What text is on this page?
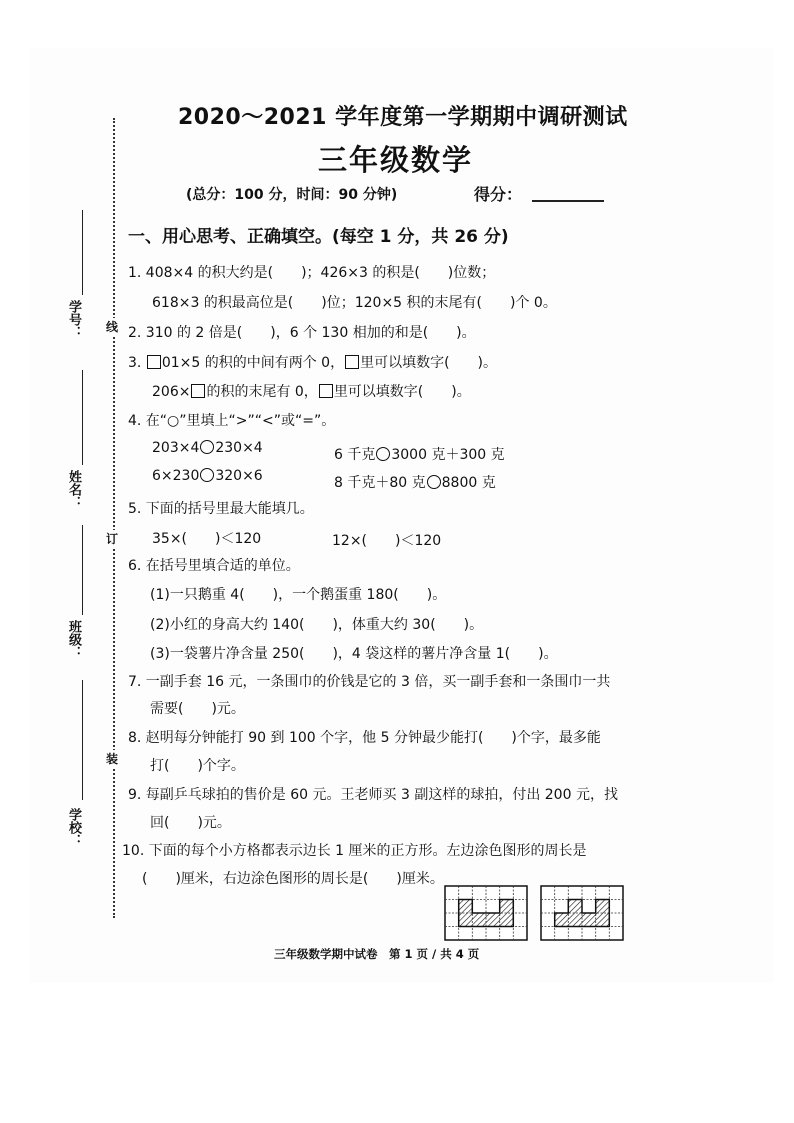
线
订
装
学号：
姓名：
班级：
学校：
2020～2021 学年度第一学期期中调研测试
三年级数学
(总分：100 分，时间：90 分钟)	得分：
一、用心思考、正确填空。(每空 1 分，共 26 分)
1. 408×4 的积大约是(　　)；426×3 的积是(　　)位数；
618×3 的积最高位是(　　)位；120×5 积的末尾有(　　)个 0。
2. 310 的 2 倍是(　　)，6 个 130 相加的和是(　　)。
3. 01×5 的积的中间有两个 0， 里可以填数字(　　)。
206× 的积的末尾有 0， 里可以填数字(　　)。
4. 在“○”里填上“>”“<”或“=”。
203×4 230×4	6 千克 3000 克＋300 克
6×230 320×6	8 千克＋80 克 8800 克
5. 下面的括号里最大能填几。
35×(　　)＜120	12×(　　)＜120
6. 在括号里填合适的单位。
(1)一只鹅重 4(　　)，一个鹅蛋重 180(　　)。
(2)小红的身高大约 140(　　)，体重大约 30(　　)。
(3)一袋薯片净含量 250(　　)，4 袋这样的薯片净含量 1(　　)。
7. 一副手套 16 元，一条围巾的价钱是它的 3 倍，买一副手套和一条围巾一共
需要(　　)元。
8. 赵明每分钟能打 90 到 100 个字，他 5 分钟最少能打(　　)个字，最多能
打(　　)个字。
9. 每副乒乓球拍的售价是 60 元。王老师买 3 副这样的球拍，付出 200 元，找
回(　　)元。
10. 下面的每个小方格都表示边长 1 厘米的正方形。左边涂色图形的周长是
(　　)厘米，右边涂色图形的周长是(　　)厘米。
三年级数学期中试卷　第 1 页 / 共 4 页
